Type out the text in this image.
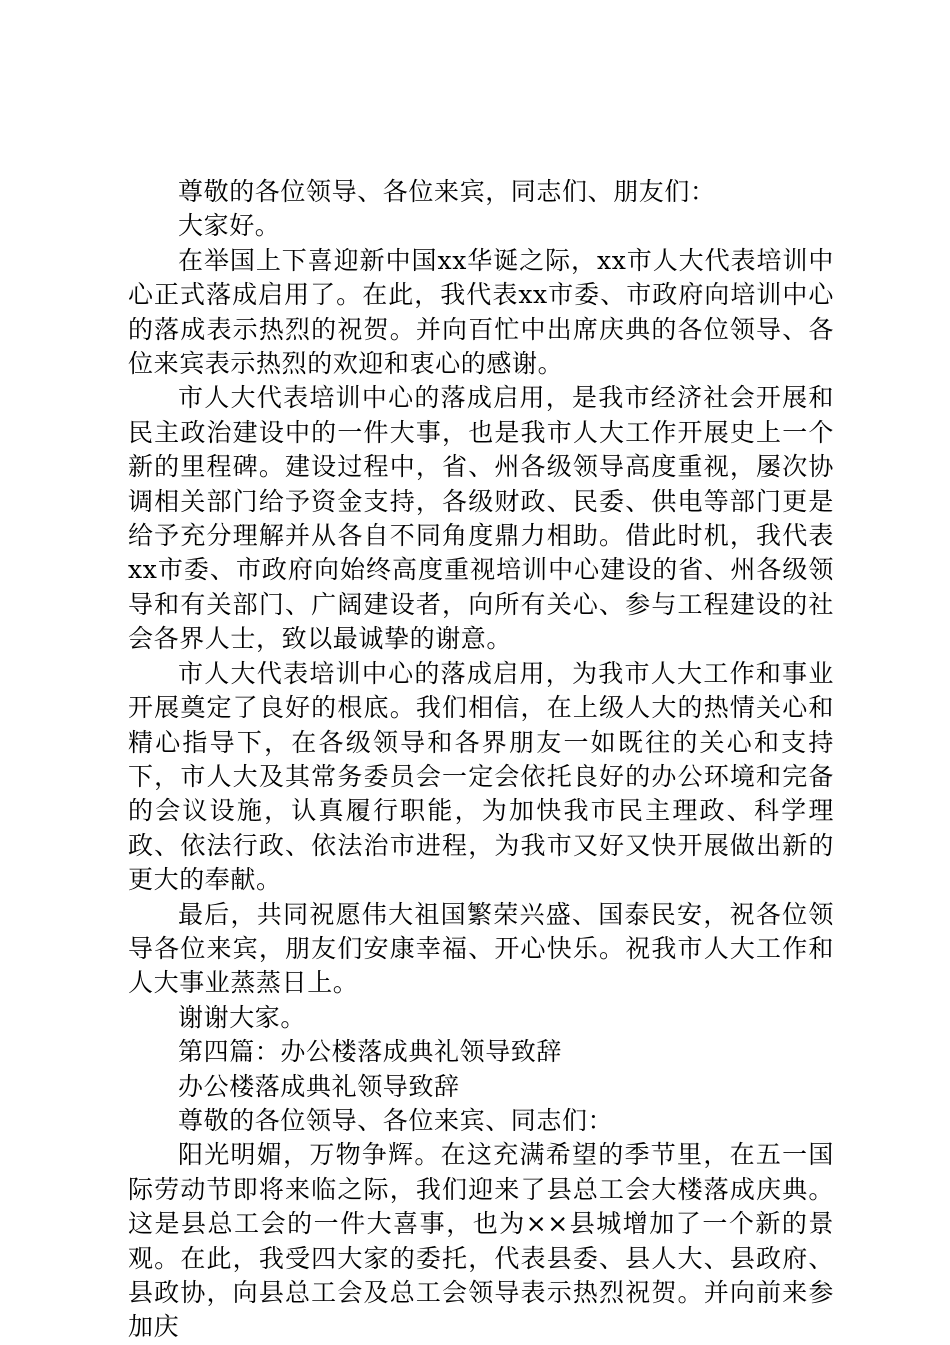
尊敬的各位领导、各位来宾，同志们、朋友们：

大家好。

在举国上下喜迎新中国xx华诞之际，xx市人大代表培训中心正式落成启用了。在此，我代表xx市委、市政府向培训中心的落成表示热烈的祝贺。并向百忙中出席庆典的各位领导、各位来宾表示热烈的欢迎和衷心的感谢。

市人大代表培训中心的落成启用，是我市经济社会开展和民主政治建设中的一件大事，也是我市人大工作开展史上一个新的里程碑。建设过程中，省、州各级领导高度重视，屡次协调相关部门给予资金支持，各级财政、民委、供电等部门更是给予充分理解并从各自不同角度鼎力相助。借此时机，我代表xx市委、市政府向始终高度重视培训中心建设的省、州各级领导和有关部门、广阔建设者，向所有关心、参与工程建设的社会各界人士，致以最诚挚的谢意。

市人大代表培训中心的落成启用，为我市人大工作和事业开展奠定了良好的根底。我们相信，在上级人大的热情关心和精心指导下，在各级领导和各界朋友一如既往的关心和支持下，市人大及其常务委员会一定会依托良好的办公环境和完备的会议设施，认真履行职能，为加快我市民主理政、科学理政、依法行政、依法治市进程，为我市又好又快开展做出新的更大的奉献。

最后，共同祝愿伟大祖国繁荣兴盛、国泰民安，祝各位领导各位来宾，朋友们安康幸福、开心快乐。祝我市人大工作和人大事业蒸蒸日上。

谢谢大家。

第四篇：办公楼落成典礼领导致辞

办公楼落成典礼领导致辞

尊敬的各位领导、各位来宾、同志们：

阳光明媚，万物争辉。在这充满希望的季节里，在五一国际劳动节即将来临之际，我们迎来了县总工会大楼落成庆典。这是县总工会的一件大喜事，也为××县城增加了一个新的景观。在此，我受四大家的委托，代表县委、县人大、县政府、县政协，向县总工会及总工会领导表示热烈祝贺。并向前来参加庆
